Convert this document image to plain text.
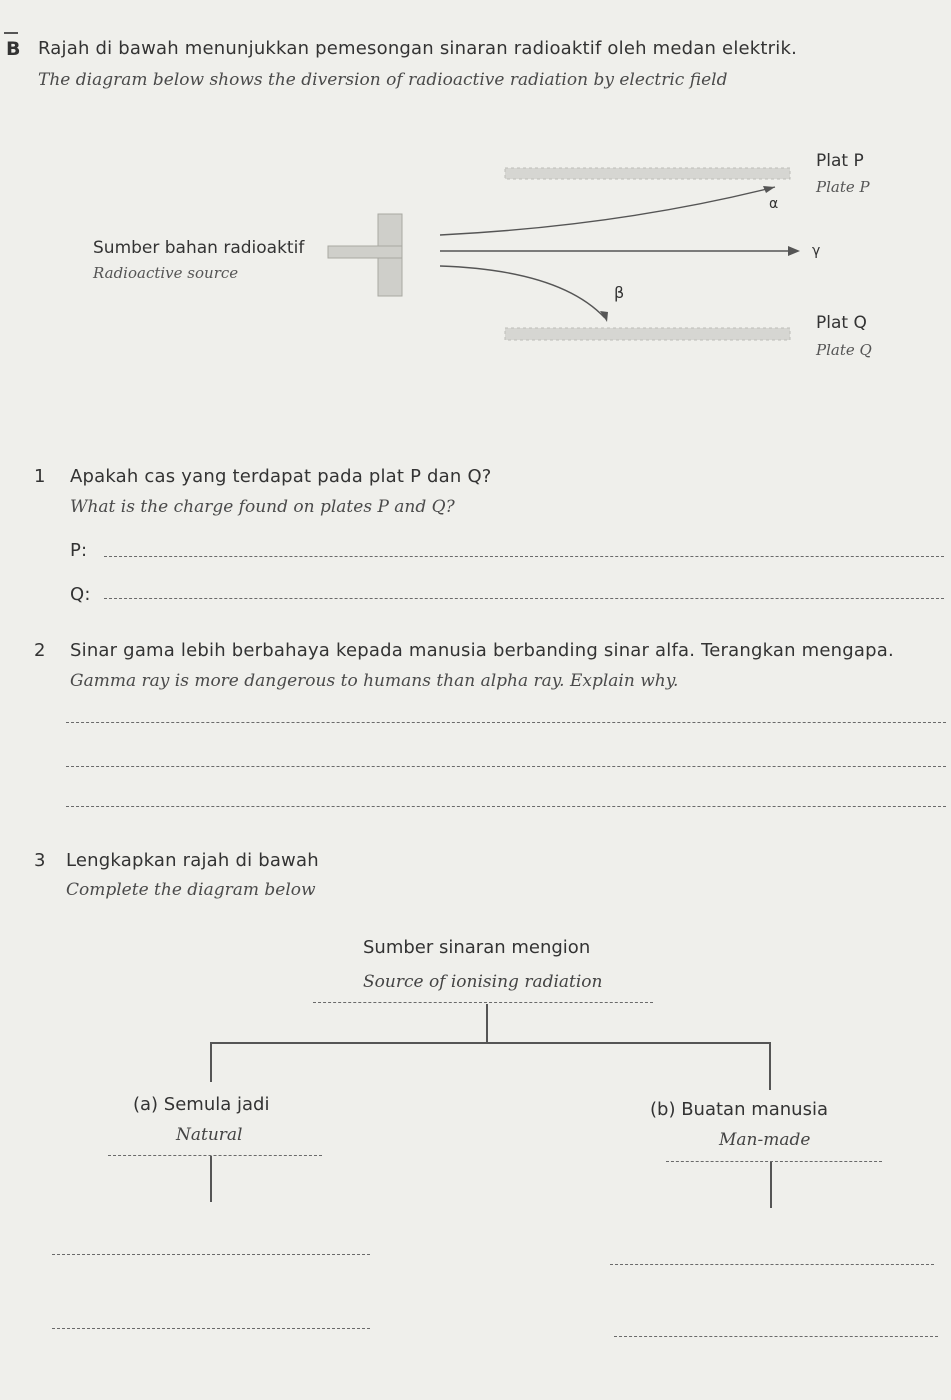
B Rajah di bawah menunjukkan pemesongan sinaran radioaktif oleh medan elektrik.
The diagram below shows the diversion of radioactive radiation by electric field
Plat P
Plate P
α
Sumber bahan radioaktif
Radioactive source
γ
β
Plat Q
Plate Q
1 Apakah cas yang terdapat pada plat P dan Q?
What is the charge found on plates P and Q?
P:
Q:
2 Sinar gama lebih berbahaya kepada manusia berbanding sinar alfa. Terangkan mengapa.
Gamma ray is more dangerous to humans than alpha ray. Explain why.
3 Lengkapkan rajah di bawah
Complete the diagram below
Sumber sinaran mengion
Source of ionising radiation
(a) Semula jadi
Natural
(b) Buatan manusia
Man-made
